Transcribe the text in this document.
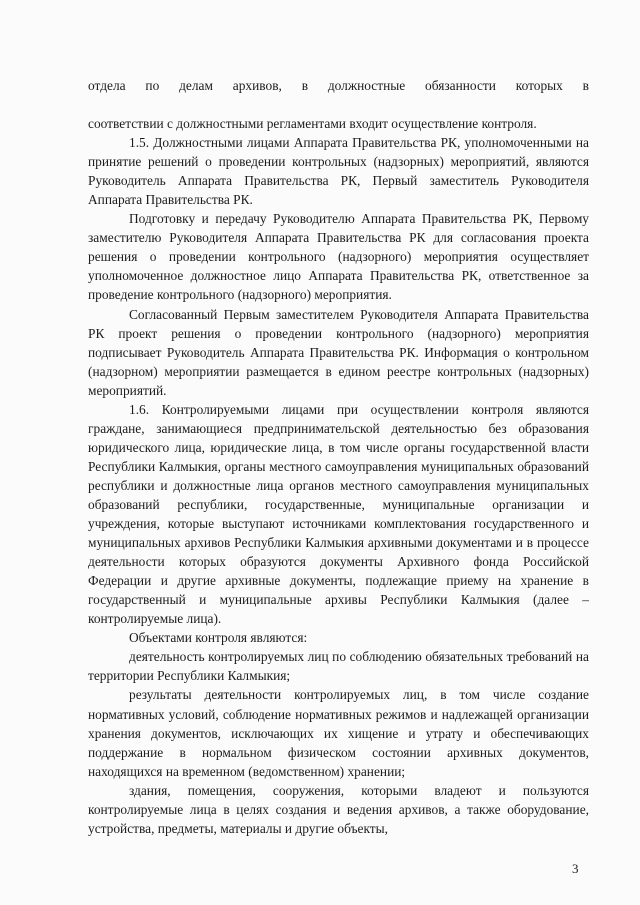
отдела по делам архивов, в должностные обязанности которых в

соответствии с должностными регламентами входит осуществление контроля.

1.5. Должностными лицами Аппарата Правительства РК, уполномоченными на принятие решений о проведении контрольных (надзорных) мероприятий, являются Руководитель Аппарата Правительства РК, Первый заместитель Руководителя Аппарата Правительства РК.

Подготовку и передачу Руководителю Аппарата Правительства РК, Первому заместителю Руководителя Аппарата Правительства РК для согласования проекта решения о проведении контрольного (надзорного) мероприятия осуществляет уполномоченное должностное лицо Аппарата Правительства РК, ответственное за проведение контрольного (надзорного) мероприятия.

Согласованный Первым заместителем Руководителя Аппарата Правительства РК проект решения о проведении контрольного (надзорного) мероприятия подписывает Руководитель Аппарата Правительства РК. Информация о контрольном (надзорном) мероприятии размещается в едином реестре контрольных (надзорных) мероприятий.

1.6. Контролируемыми лицами при осуществлении контроля являются граждане, занимающиеся предпринимательской деятельностью без образования юридического лица, юридические лица, в том числе органы государственной власти Республики Калмыкия, органы местного самоуправления муниципальных образований республики и должностные лица органов местного самоуправления муниципальных образований республики, государственные, муниципальные организации и учреждения, которые выступают источниками комплектования государственного и муниципальных архивов Республики Калмыкия архивными документами и в процессе деятельности которых образуются документы Архивного фонда Российской Федерации и другие архивные документы, подлежащие приему на хранение в государственный и муниципальные архивы Республики Калмыкия (далее – контролируемые лица).

Объектами контроля являются:

деятельность контролируемых лиц по соблюдению обязательных требований на территории Республики Калмыкия;

результаты деятельности контролируемых лиц, в том числе создание нормативных условий, соблюдение нормативных режимов и надлежащей организации хранения документов, исключающих их хищение и утрату и обеспечивающих поддержание в нормальном физическом состоянии архивных документов, находящихся на временном (ведомственном) хранении;

здания, помещения, сооружения, которыми владеют и пользуются контролируемые лица в целях создания и ведения архивов, а также оборудование, устройства, предметы, материалы и другие объекты,

3
